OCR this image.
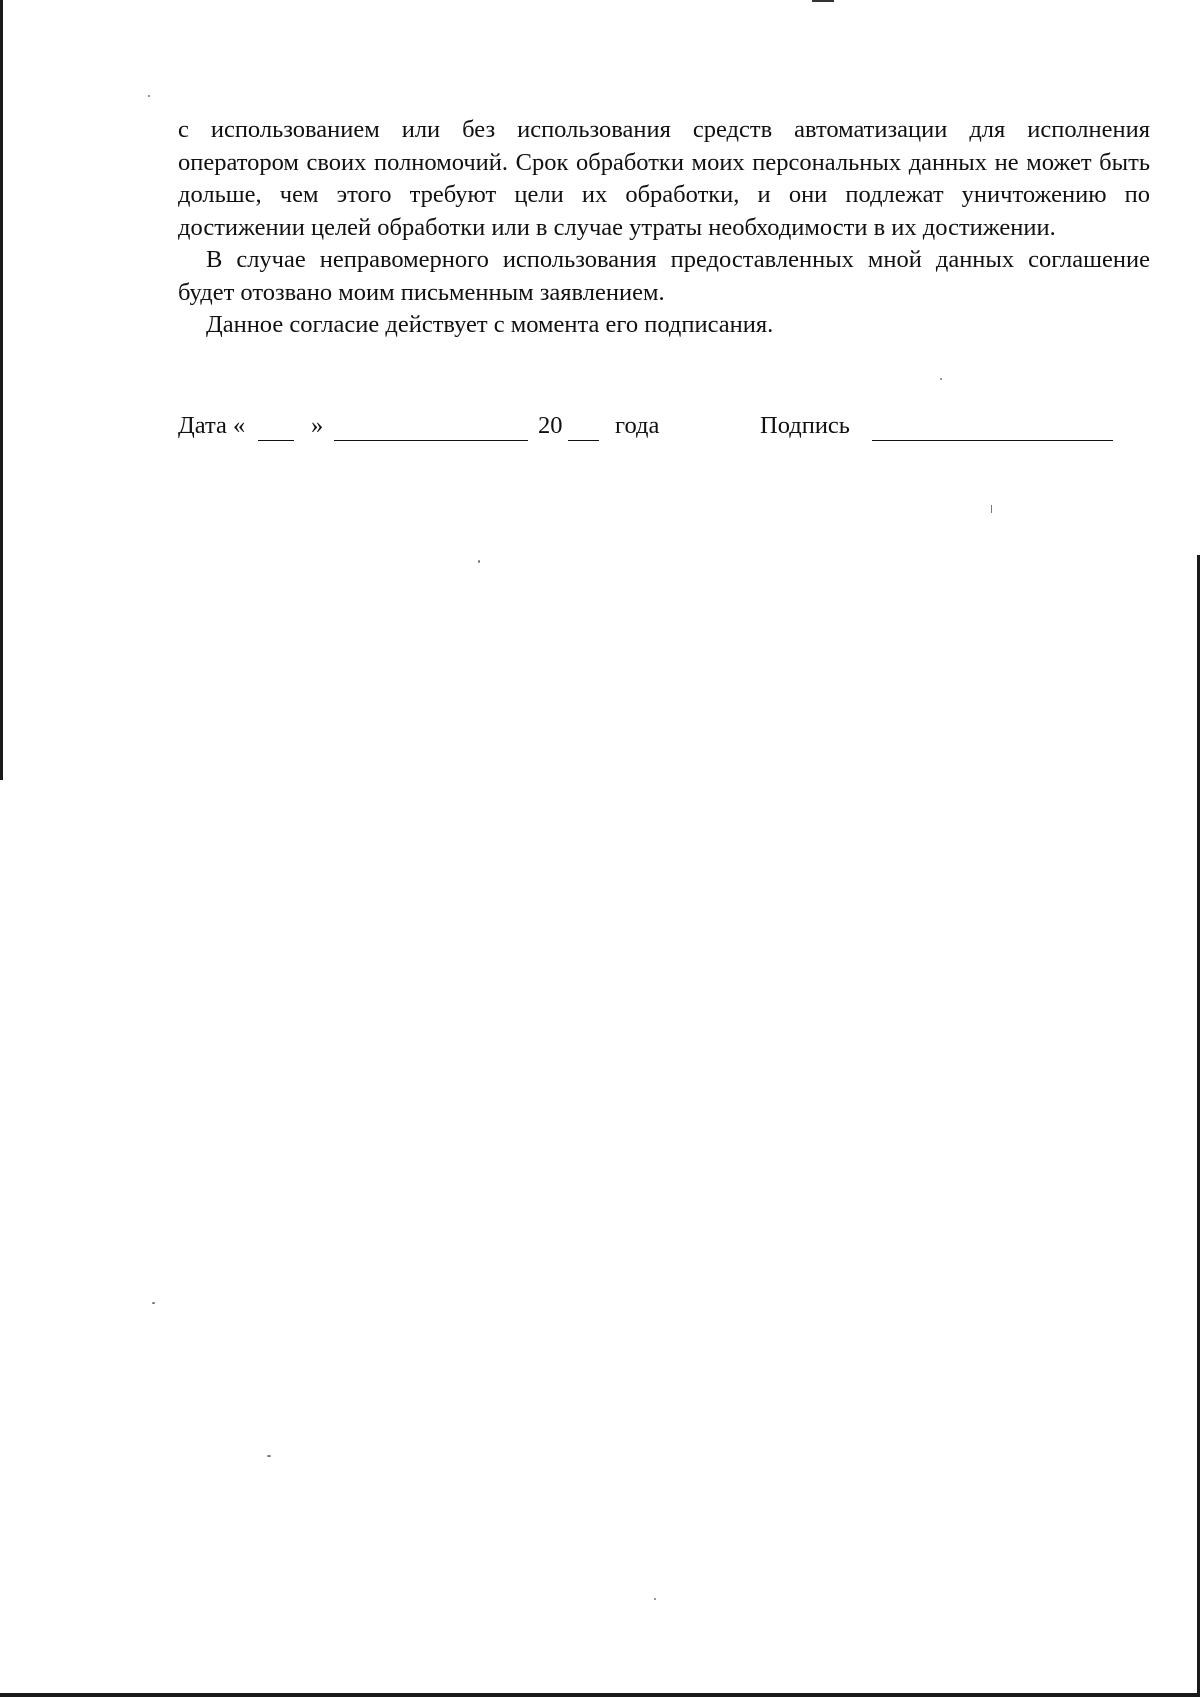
с использованием или без использования средств автоматизации для исполнения оператором своих полномочий. Срок обработки моих персональных данных не может быть дольше, чем этого требуют цели их обработки, и они подлежат уничтожению по достижении целей обработки или в случае утраты необходимости в их достижении.

В случае неправомерного использования предоставленных мной данных соглашение будет отозвано моим письменным заявлением.

Данное согласие действует с момента его подписания.

Дата «	»	20 года	Подпись
